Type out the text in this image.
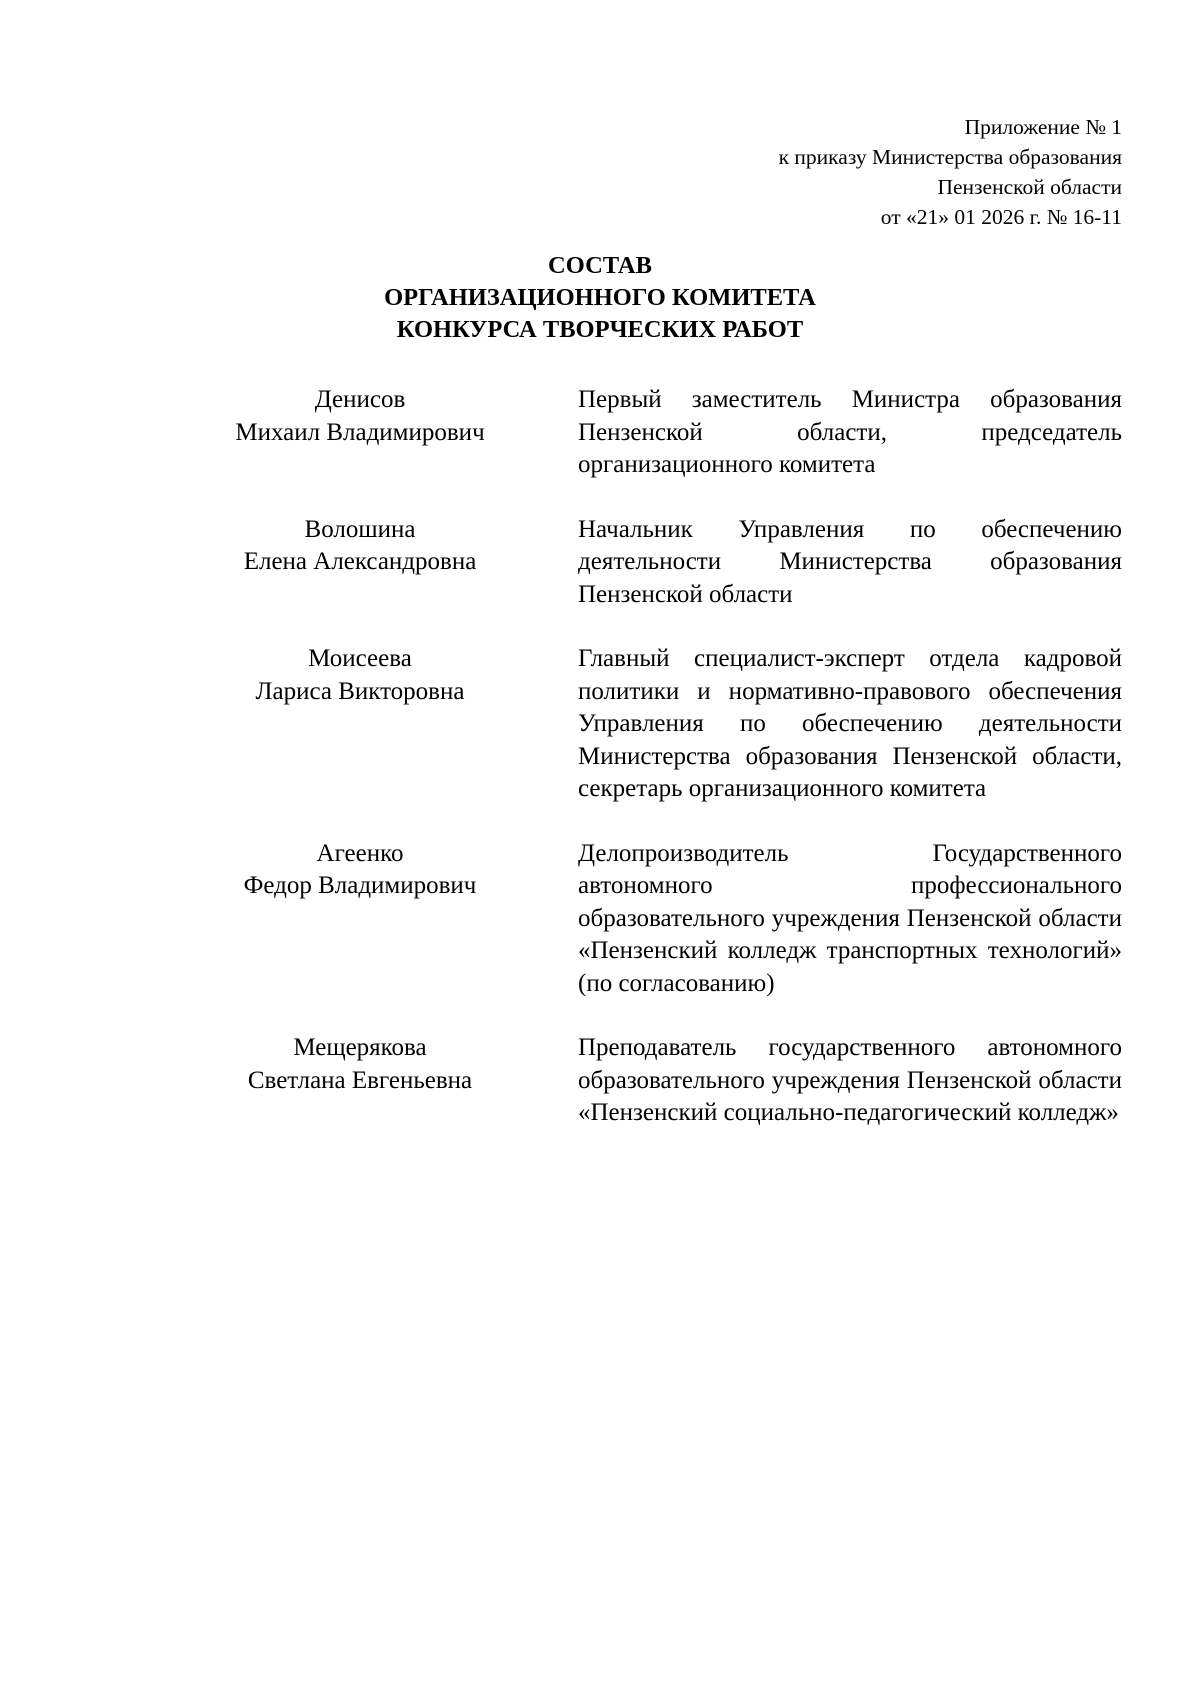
Приложение № 1
к приказу Министерства образования
Пензенской области
от «21» 01 2026 г. № 16-11
СОСТАВ
ОРГАНИЗАЦИОННОГО КОМИТЕТА
КОНКУРСА ТВОРЧЕСКИХ РАБОТ
Денисов
Михаил Владимирович
Первый заместитель Министра образования Пензенской области, председатель организационного комитета
Волошина
Елена Александровна
Начальник Управления по обеспечению деятельности Министерства образования Пензенской области
Моисеева
Лариса Викторовна
Главный специалист-эксперт отдела кадровой политики и нормативно-правового обеспечения Управления по обеспечению деятельности Министерства образования Пензенской области, секретарь организационного комитета
Агеенко
Федор Владимирович
Делопроизводитель Государственного автономного профессионального образовательного учреждения Пензенской области «Пензенский колледж транспортных технологий» (по согласованию)
Мещерякова
Светлана Евгеньевна
Преподаватель государственного автономного образовательного учреждения Пензенской области «Пензенский социально-педагогический колледж»
